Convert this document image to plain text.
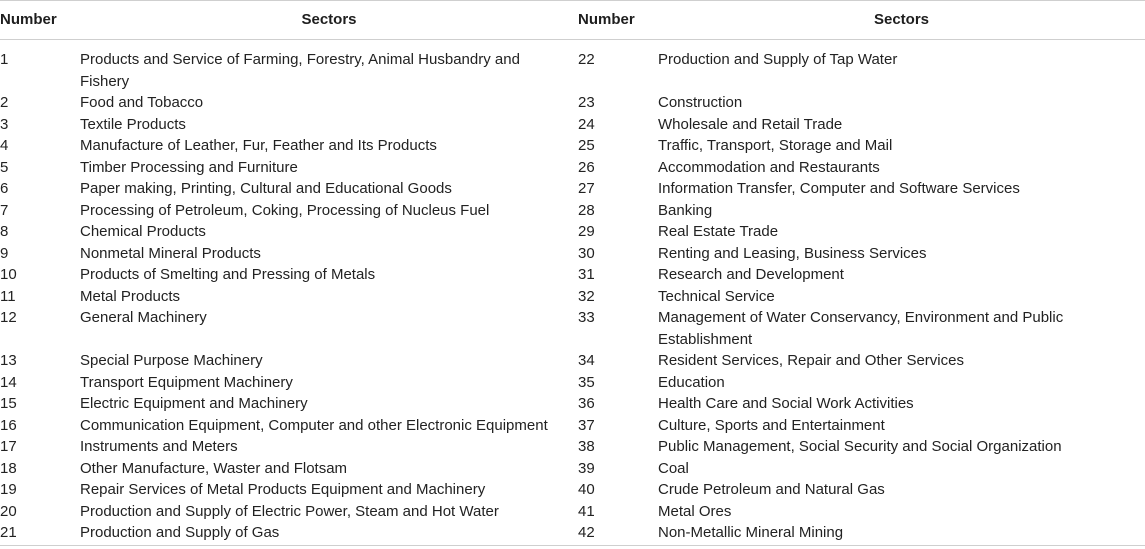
Number	Sectors	Number	Sectors
1	Products and Service of Farming, Forestry, Animal Husbandry and Fishery	22	Production and Supply of Tap Water
2	Food and Tobacco	23	Construction
3	Textile Products	24	Wholesale and Retail Trade
4	Manufacture of Leather, Fur, Feather and Its Products	25	Traffic, Transport, Storage and Mail
5	Timber Processing and Furniture	26	Accommodation and Restaurants
6	Paper making, Printing, Cultural and Educational Goods	27	Information Transfer, Computer and Software Services
7	Processing of Petroleum, Coking, Processing of Nucleus Fuel	28	Banking
8	Chemical Products	29	Real Estate Trade
9	Nonmetal Mineral Products	30	Renting and Leasing, Business Services
10	Products of Smelting and Pressing of Metals	31	Research and Development
11	Metal Products	32	Technical Service
12	General Machinery	33	Management of Water Conservancy, Environment and Public Establishment
13	Special Purpose Machinery	34	Resident Services, Repair and Other Services
14	Transport Equipment Machinery	35	Education
15	Electric Equipment and Machinery	36	Health Care and Social Work Activities
16	Communication Equipment, Computer and other Electronic Equipment	37	Culture, Sports and Entertainment
17	Instruments and Meters	38	Public Management, Social Security and Social Organization
18	Other Manufacture, Waster and Flotsam	39	Coal
19	Repair Services of Metal Products Equipment and Machinery	40	Crude Petroleum and Natural Gas
20	Production and Supply of Electric Power, Steam and Hot Water	41	Metal Ores
21	Production and Supply of Gas	42	Non-Metallic Mineral Mining
